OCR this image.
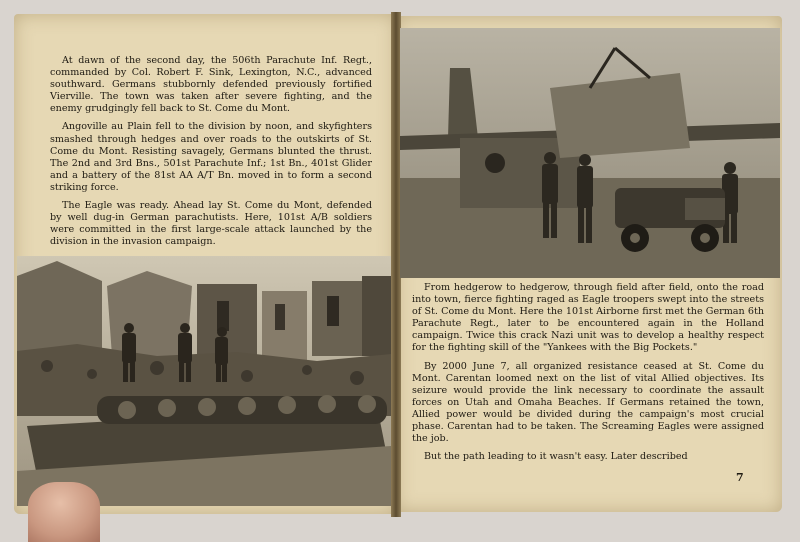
At dawn of the second day, the 506th Parachute Inf. Regt., commanded by Col. Robert F. Sink, Lexington, N.C., advanced southward. Germans stubbornly defended previously fortified Vierville. The town was taken after severe fighting, and the enemy grudgingly fell back to St. Come du Mont.

Angoville au Plain fell to the division by noon, and skyfighters smashed through hedges and over roads to the outskirts of St. Come du Mont. Resisting savagely, Germans blunted the thrust. The 2nd and 3rd Bns., 501st Parachute Inf.; 1st Bn., 401st Glider and a battery of the 81st AA A/T Bn. moved in to form a second striking force.

The Eagle was ready. Ahead lay St. Come du Mont, defended by well dug-in German parachutists. Here, 101st A/B soldiers were committed in the first large-scale attack launched by the division in the invasion campaign.

From hedgerow to hedgerow, through field after field, onto the road into town, fierce fighting raged as Eagle troopers swept into the streets of St. Come du Mont. Here the 101st Airborne first met the German 6th Parachute Regt., later to be encountered again in the Holland campaign. Twice this crack Nazi unit was to develop a healthy respect for the fighting skill of the "Yankees with the Big Pockets."

By 2000 June 7, all organized resistance ceased at St. Come du Mont. Carentan loomed next on the list of vital Allied objectives. Its seizure would provide the link necessary to coordinate the assault forces on Utah and Omaha Beaches. If Germans retained the town, Allied power would be divided during the campaign's most crucial phase. Carentan had to be taken. The Screaming Eagles were assigned the job.

But the path leading to it wasn't easy. Later described

7
